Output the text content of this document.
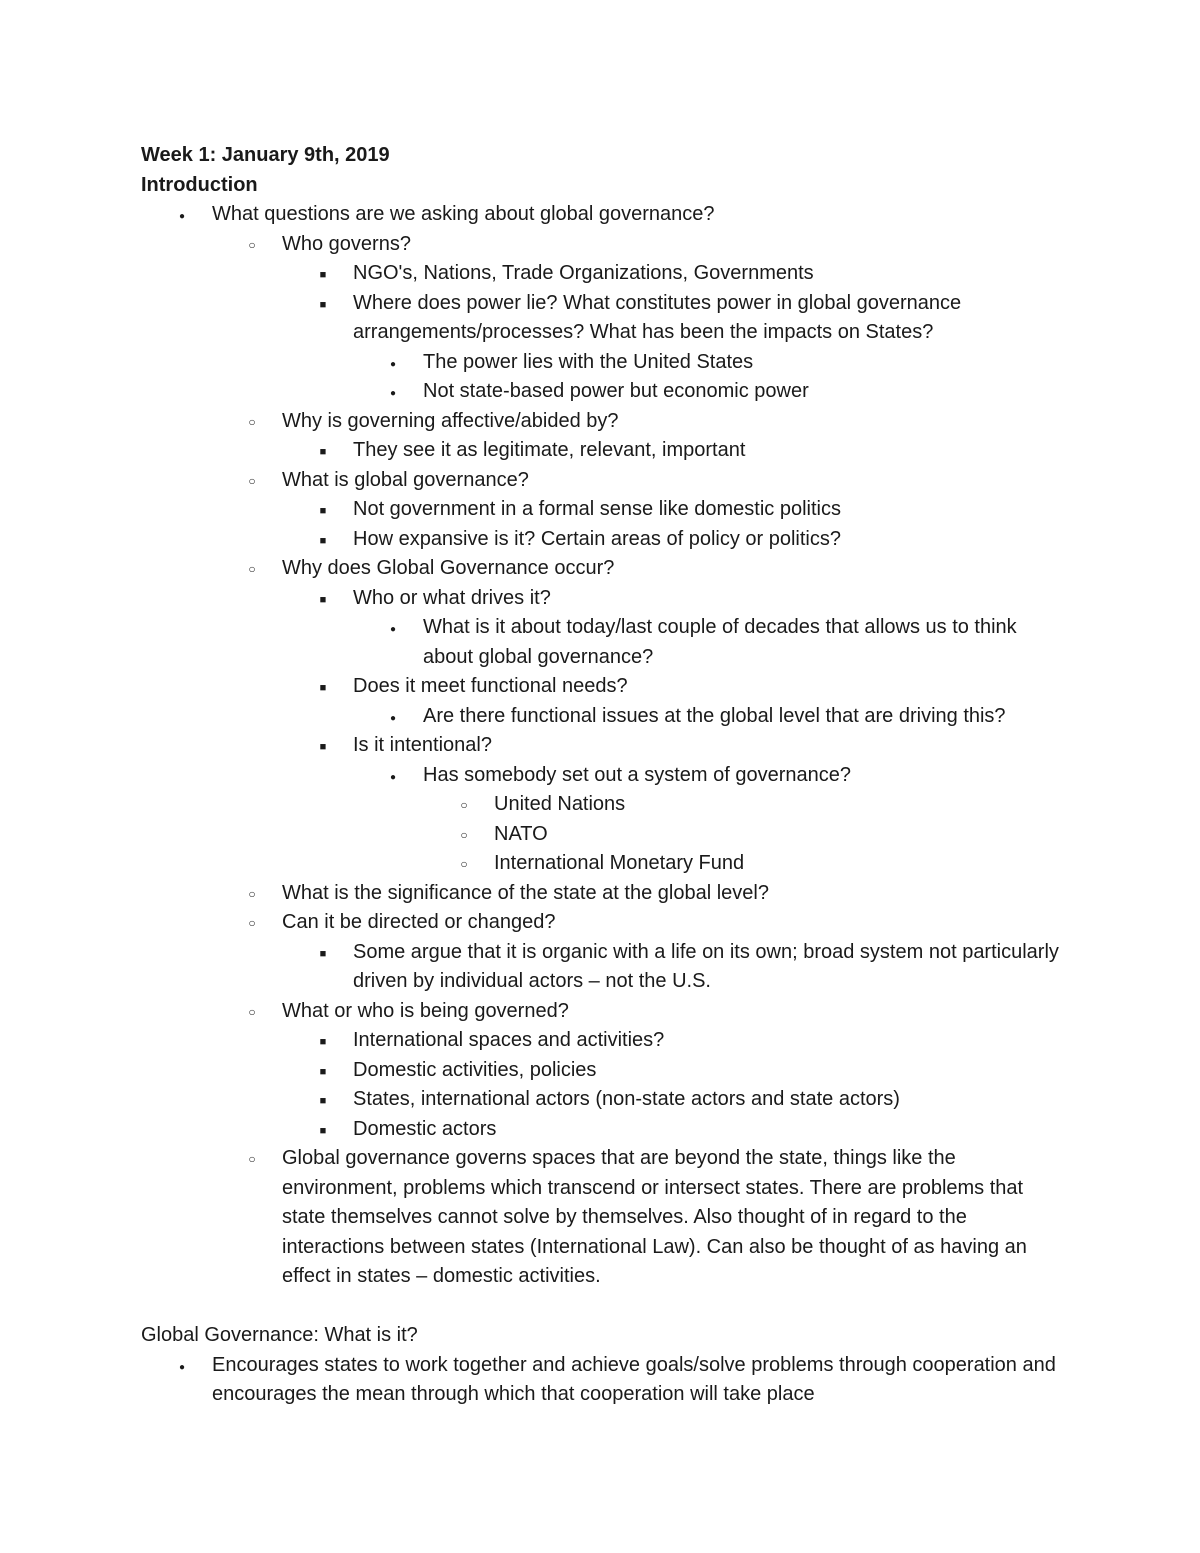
Week 1: January 9th, 2019
Introduction
●
What questions are we asking about global governance?
○
Who governs?
■
NGO's, Nations, Trade Organizations, Governments
■
Where does power lie? What constitutes power in global governance arrangements/processes? What has been the impacts on States?
●
The power lies with the United States
●
Not state-based power but economic power
○
Why is governing affective/abided by?
■
They see it as legitimate, relevant, important
○
What is global governance?
■
Not government in a formal sense like domestic politics
■
How expansive is it? Certain areas of policy or politics?
○
Why does Global Governance occur?
■
Who or what drives it?
●
What is it about today/last couple of decades that allows us to think about global governance?
■
Does it meet functional needs?
●
Are there functional issues at the global level that are driving this?
■
Is it intentional?
●
Has somebody set out a system of governance?
○
United Nations
○
NATO
○
International Monetary Fund
○
What is the significance of the state at the global level?
○
Can it be directed or changed?
■
Some argue that it is organic with a life on its own; broad system not particularly driven by individual actors – not the U.S.
○
What or who is being governed?
■
International spaces and activities?
■
Domestic activities, policies
■
States, international actors (non-state actors and state actors)
■
Domestic actors
○
Global governance governs spaces that are beyond the state, things like the environment, problems which transcend or intersect states. There are problems that state themselves cannot solve by themselves. Also thought of in regard to the interactions between states (International Law). Can also be thought of as having an effect in states – domestic activities.
Global Governance: What is it?
●
Encourages states to work together and achieve goals/solve problems through cooperation and encourages the mean through which that cooperation will take place
